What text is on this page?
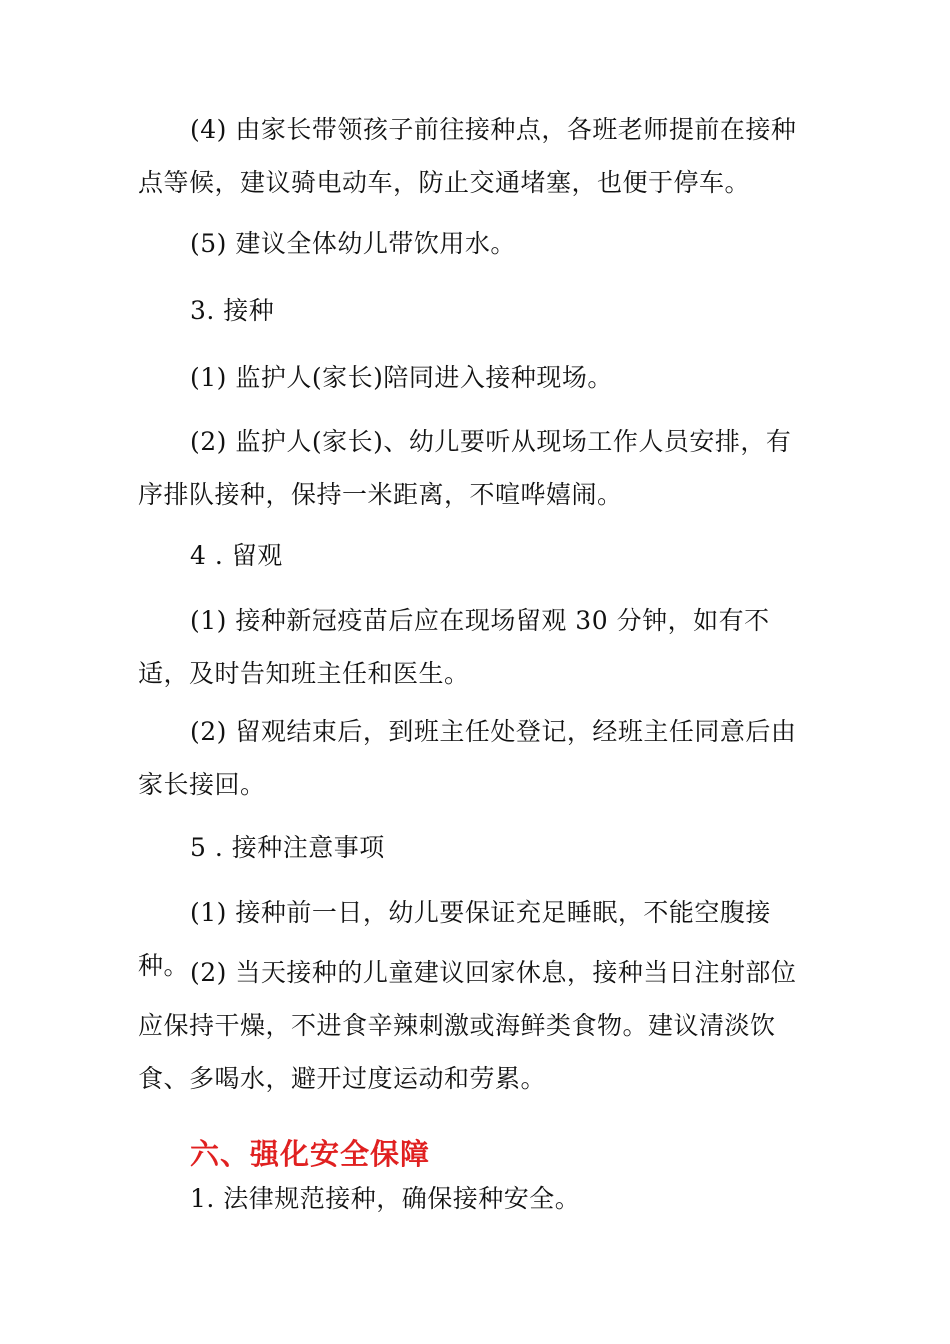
(4) 由家长带领孩子前往接种点，各班老师提前在接种点等候，建议骑电动车，防止交通堵塞，也便于停车。

(5) 建议全体幼儿带饮用水。

3. 接种

(1) 监护人(家长)陪同进入接种现场。

(2) 监护人(家长)、幼儿要听从现场工作人员安排，有序排队接种，保持一米距离，不喧哗嬉闹。

4 . 留观

(1) 接种新冠疫苗后应在现场留观 30 分钟，如有不适，及时告知班主任和医生。

(2) 留观结束后，到班主任处登记，经班主任同意后由家长接回。

5 . 接种注意事项

(1) 接种前一日，幼儿要保证充足睡眠，不能空腹接种。 (2) 当天接种的儿童建议回家休息，接种当日注射部位应保持干燥，不进食辛辣刺激或海鲜类食物。建议清淡饮食、多喝水，避开过度运动和劳累。

六、强化安全保障

1. 法律规范接种，确保接种安全。
